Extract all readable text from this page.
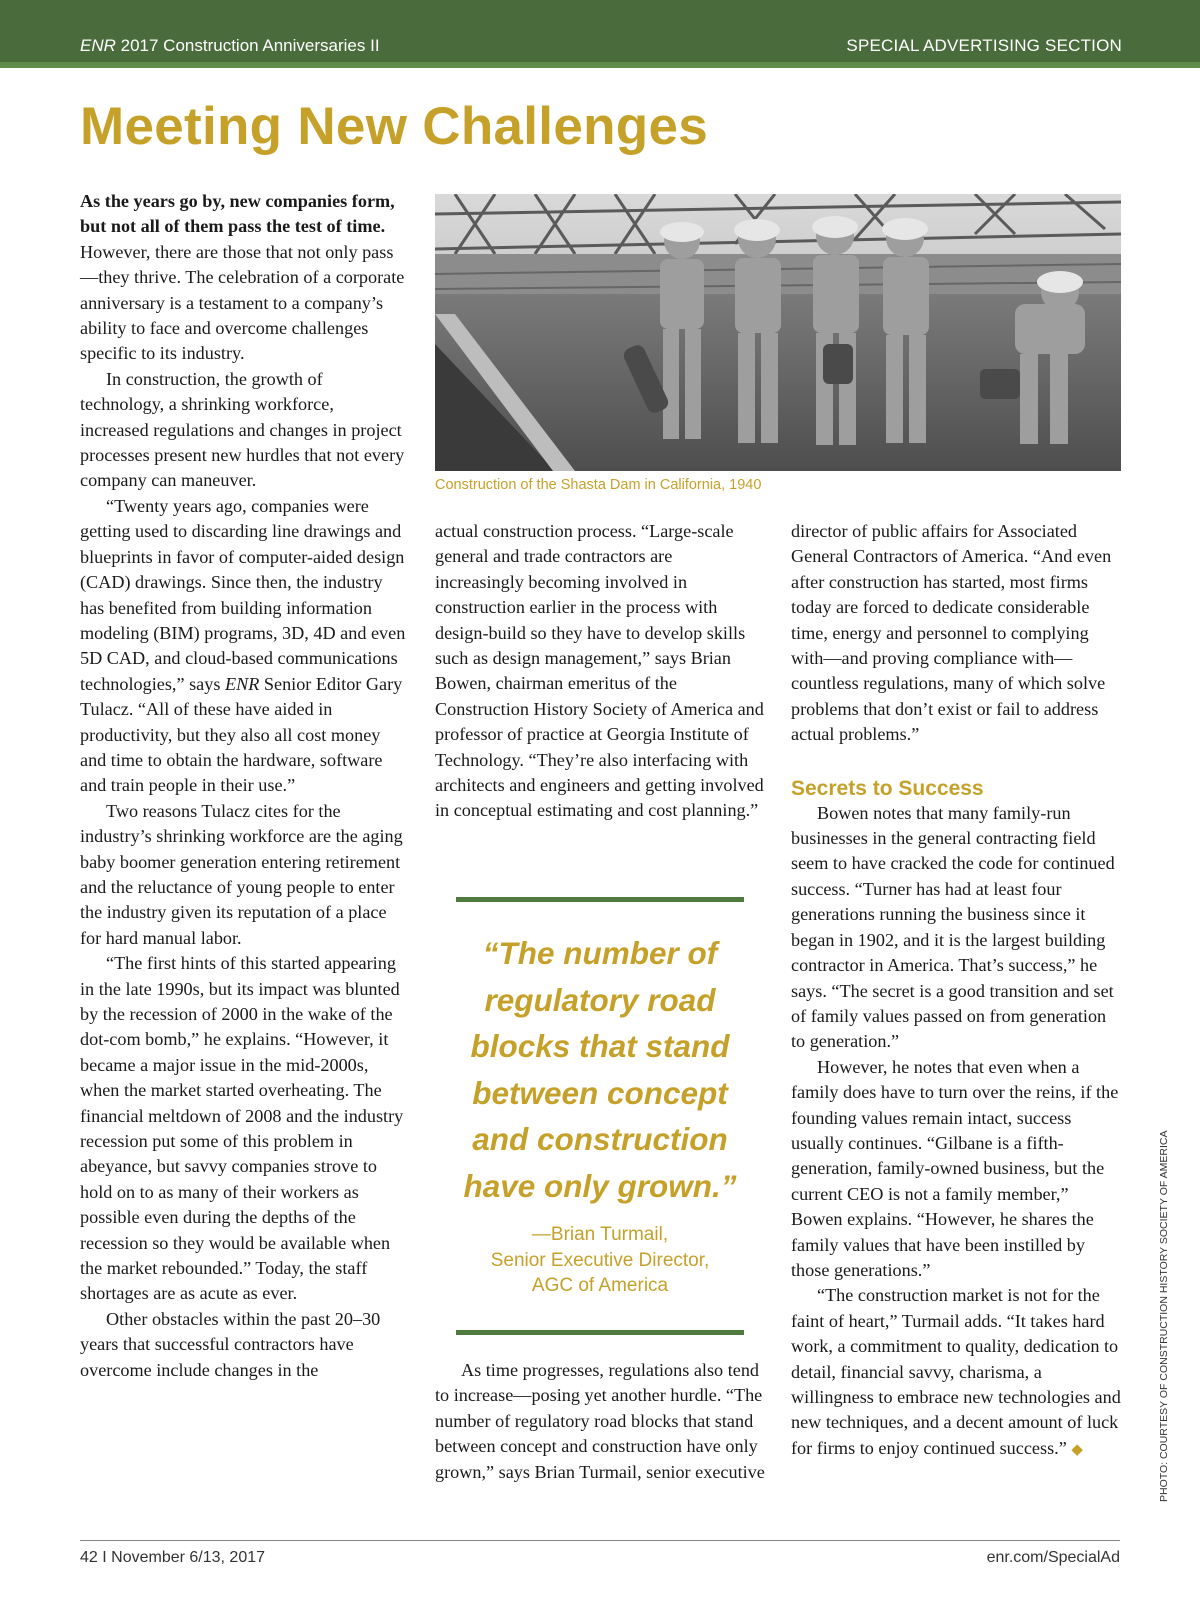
ENR 2017 Construction Anniversaries II	SPECIAL ADVERTISING SECTION
Meeting New Challenges

As the years go by, new companies form, but not all of them pass the test of time. However, there are those that not only pass—they thrive. The celebration of a corporate anniversary is a testament to a company’s ability to face and overcome challenges specific to its industry.

In construction, the growth of technology, a shrinking workforce, increased regulations and changes in project processes present new hurdles that not every company can maneuver.

“Twenty years ago, companies were getting used to discarding line drawings and blueprints in favor of computer-aided design (CAD) drawings. Since then, the industry has benefited from building information modeling (BIM) programs, 3D, 4D and even 5D CAD, and cloud-based communications technologies,” says ENR Senior Editor Gary Tulacz. “All of these have aided in productivity, but they also all cost money and time to obtain the hardware, software and train people in their use.”

Two reasons Tulacz cites for the industry’s shrinking workforce are the aging baby boomer generation entering retirement and the reluctance of young people to enter the industry given its reputation of a place for hard manual labor.

“The first hints of this started appearing in the late 1990s, but its impact was blunted by the recession of 2000 in the wake of the dot-com bomb,” he explains. “However, it became a major issue in the mid-2000s, when the market started overheating. The financial meltdown of 2008 and the industry recession put some of this problem in abeyance, but savvy companies strove to hold on to as many of their workers as possible even during the depths of the recession so they would be available when the market rebounded.” Today, the staff shortages are as acute as ever.

Other obstacles within the past 20–30 years that successful contractors have overcome include changes in the

Construction of the Shasta Dam in California, 1940

actual construction process. “Large-scale general and trade contractors are increasingly becoming involved in construction earlier in the process with design-build so they have to develop skills such as design management,” says Brian Bowen, chairman emeritus of the Construction History Society of America and professor of practice at Georgia Institute of Technology. “They’re also interfacing with architects and engineers and getting involved in conceptual estimating and cost planning.”

“The number of regulatory road blocks that stand between concept and construction have only grown.”
—Brian Turmail,
Senior Executive Director,
AGC of America

As time progresses, regulations also tend to increase—posing yet another hurdle. “The number of regulatory road blocks that stand between concept and construction have only grown,” says Brian Turmail, senior executive

director of public affairs for Associated General Contractors of America. “And even after construction has started, most firms today are forced to dedicate considerable time, energy and personnel to complying with—and proving compliance with—countless regulations, many of which solve problems that don’t exist or fail to address actual problems.”

Secrets to Success

Bowen notes that many family-run businesses in the general contracting field seem to have cracked the code for continued success. “Turner has had at least four generations running the business since it began in 1902, and it is the largest building contractor in America. That’s success,” he says. “The secret is a good transition and set of family values passed on from generation to generation.”

However, he notes that even when a family does have to turn over the reins, if the founding values remain intact, success usually continues. “Gilbane is a fifth-generation, family-owned business, but the current CEO is not a family member,” Bowen explains. “However, he shares the family values that have been instilled by those generations.”

“The construction market is not for the faint of heart,” Turmail adds. “It takes hard work, a commitment to quality, dedication to detail, financial savvy, charisma, a willingness to embrace new technologies and new techniques, and a decent amount of luck for firms to enjoy continued success.” ◆	PHOTO: COURTESY OF CONSTRUCTION HISTORY SOCIETY OF AMERICA
42 I November 6/13, 2017	enr.com/SpecialAd
